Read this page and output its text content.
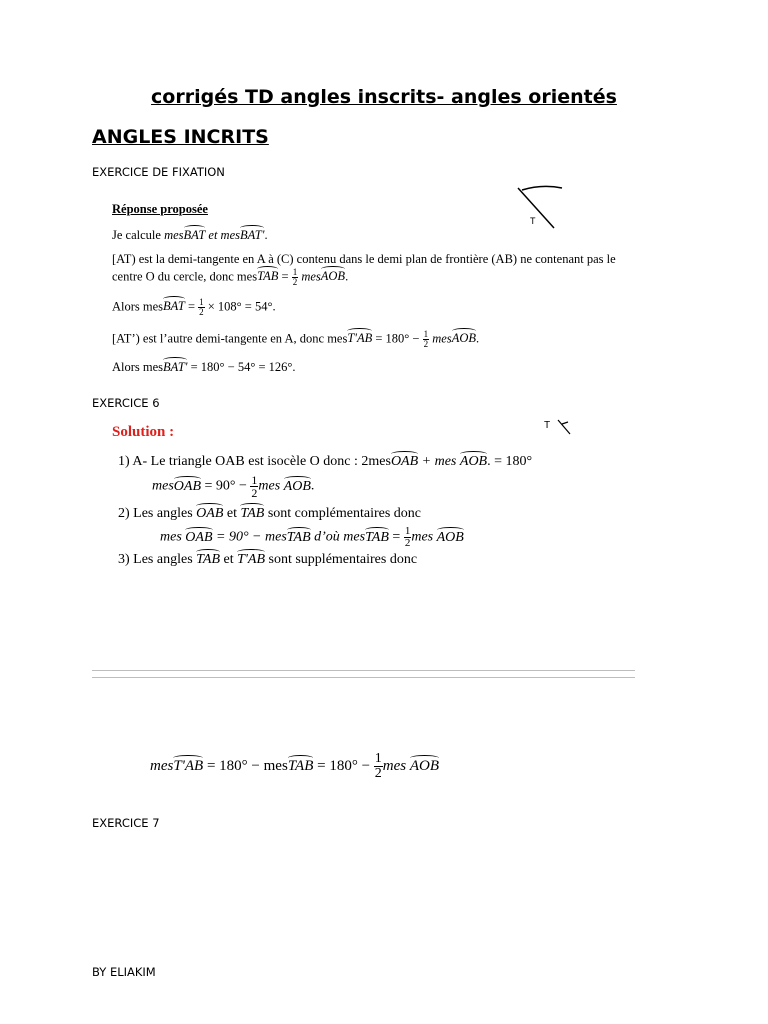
corrigés TD angles inscrits- angles orientés
ANGLES INCRITS
EXERCICE DE FIXATION
T

Réponse proposée

Je calcule mesBAT et mesBAT'.

[AT) est la demi-tangente en A à (C) contenu dans le demi plan de frontière (AB) ne contenant pas le

centre O du cercle, donc mesTAB = $\frac{1}{2}$ mesAOB.

Alors mesBAT = $\frac{1}{2} \times 108^\circ = 54^\circ$.

[AT’) est l’autre demi-tangente en A, donc mesT'AB = $180^\circ - \frac{1}{2}$ mesAOB.

Alors mesBAT' = 180° − 54° = 126°.

EXERCICE 6
T

Solution :

1) A- Le triangle OAB est isocèle O donc : 2mesOAB + mes AOB. = 180°

mesOAB = $90^\circ - \frac{1}{2}$ mes AOB.

2) Les angles OAB et TAB sont complémentaires donc

mes OAB = 90° − mesTAB d’où mesTAB = $\frac{1}{2}$ mes AOB

3) Les angles TAB et T'AB sont supplémentaires donc

mesT'AB = 180° − mesTAB = $180^\circ - \frac{1}{2}$ mes AOB
EXERCICE 7
BY ELIAKIM
